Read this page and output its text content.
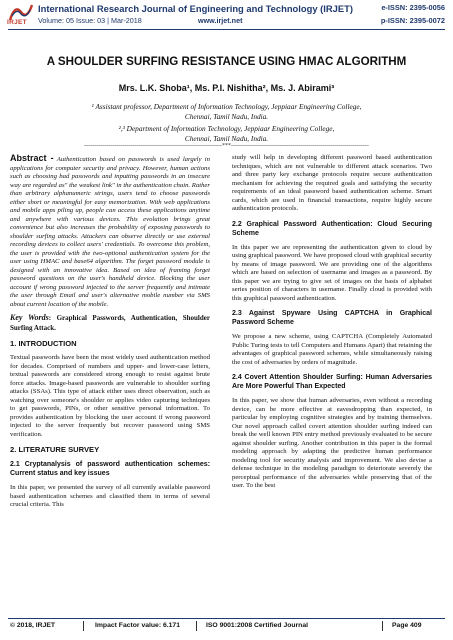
IRJET
International Research Journal of Engineering and Technology (IRJET)	e-ISSN: 2395-0056
Volume: 05 Issue: 03 | Mar-2018	www.irjet.net	p-ISSN: 2395-0072
A SHOULDER SURFING RESISTANCE USING HMAC ALGORITHM
Mrs. L.K. Shoba¹, Ms. P.I. Nishitha², Ms. J. Abirami³
¹ Assistant professor, Department of Information Technology, Jeppiaar Engineering College,
Chennai, Tamil Nadu, India.
²,³ Department of Information Technology, Jeppiaar Engineering College,
Chennai, Tamil Nadu, India.
---------------------------------------------------------------------***---------------------------------------------------------------------

Abstract - Authentication based on passwords is used largely in applications for computer security and privacy. However, human actions such as choosing bad passwords and inputting passwords in an insecure way are regarded as" the weakest link" in the authentication chain. Rather than arbitrary alphanumeric strings, users tend to choose passwords either short or meaningful for easy memorization. With web applications and mobile apps piling up, people can access these applications anytime and anywhere with various devices. This evolution brings great convenience but also increases the probability of exposing passwords to shoulder surfing attacks. Attackers can observe directly or use external recording devices to collect users' credentials. To overcome this problem, the user is provided with the two-optional authentication system for the user using HMAC and base64 algorithm. The forget password module is designed with an innovative idea. Based on idea of framing forget password questions on the user's handheld device. Blocking the user account if wrong password injected to the server frequently and intimate the user through Email and user's alternative mobile number via SMS about current location of the mobile.

Key Words: Graphical Passwords, Authentication, Shoulder Surfing Attack.

1. INTRODUCTION

Textual passwords have been the most widely used authentication method for decades. Comprised of numbers and upper- and lower-case letters, textual passwords are considered strong enough to resist against brute force attacks. Image-based passwords are vulnerable to shoulder surfing attacks (SSAs). This type of attack either uses direct observation, such as watching over someone's shoulder or applies video capturing techniques to get passwords, PINs, or other sensitive personal information. To provides authentication by blocking the user account if wrong password injected to the server frequently but recover password using SMS verification.

2. LITERATURE SURVEY
2.1 Cryptanalysis of password authentication schemes: Current status and key issues

In this paper, we presented the survey of all currently available password based authentication schemes and classified them in terms of several crucial criteria. This

study will help in developing different password based authentication techniques, which are not vulnerable to different attack scenarios. Two and three party key exchange protocols require secure authentication mechanism for achieving the required goals and satisfying the security requirements of an ideal password based authentication scheme. Smart cards, which are used in financial transactions, require highly secure authentication protocols.

2.2 Graphical Password Authentication: Cloud Securing Scheme

In this paper we are representing the authentication given to cloud by using graphical password. We have proposed cloud with graphical security by means of image password. We are providing one of the algorithms which are based on selection of username and images as a password. By this paper we are trying to give set of images on the basis of alphabet series position of characters in username. Finally cloud is provided with this graphical password authentication.

2.3 Against Spyware Using CAPTCHA in Graphical Password Scheme

We propose a new scheme, using CAPTCHA (Completely Automated Public Turing tests to tell Computers and Humans Apart) that retaining the advantages of graphical password schemes, while simultaneously raising the cost of adversaries by orders of magnitude.

2.4 Covert Attention Shoulder Surfing: Human Adversaries Are More Powerful Than Expected

In this paper, we show that human adversaries, even without a recording device, can be more effective at eavesdropping than expected, in particular by employing cognitive strategies and by training themselves. Our novel approach called covert attention shoulder surfing indeed can break the well known PIN entry method previously evaluated to be secure against shoulder surfing. Another contribution in this paper is the formal modeling approach by adapting the predictive human performance modeling tool for security analysis and improvement. We also devise a defense technique in the modeling paradigm to deteriorate severely the perceptual performance of the adversaries while preserving that of the user. To the best

© 2018, IRJET	Impact Factor value: 6.171	ISO 9001:2008 Certified Journal	Page 409
